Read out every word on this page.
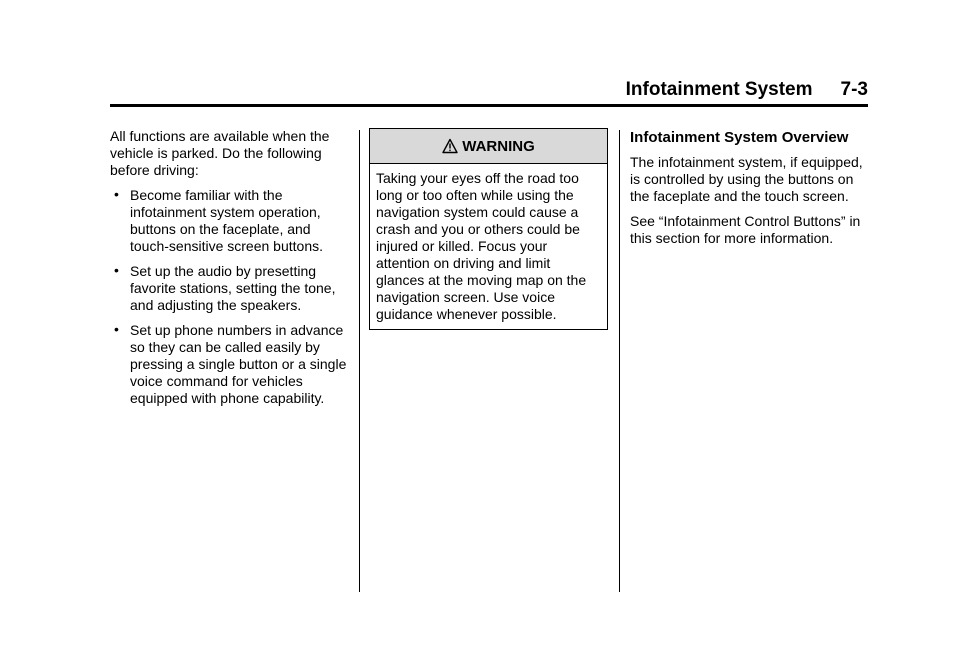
Infotainment System 7-3

All functions are available when the vehicle is parked. Do the following before driving:

• Become familiar with the infotainment system operation, buttons on the faceplate, and touch-sensitive screen buttons.
• Set up the audio by presetting favorite stations, setting the tone, and adjusting the speakers.
• Set up phone numbers in advance so they can be called easily by pressing a single button or a single voice command for vehicles equipped with phone capability.
WARNING
Taking your eyes off the road too long or too often while using the navigation system could cause a crash and you or others could be injured or killed. Focus your attention on driving and limit glances at the moving map on the navigation screen. Use voice guidance whenever possible.
Infotainment System Overview

The infotainment system, if equipped, is controlled by using the buttons on the faceplate and the touch screen.

See “Infotainment Control Buttons” in this section for more information.
